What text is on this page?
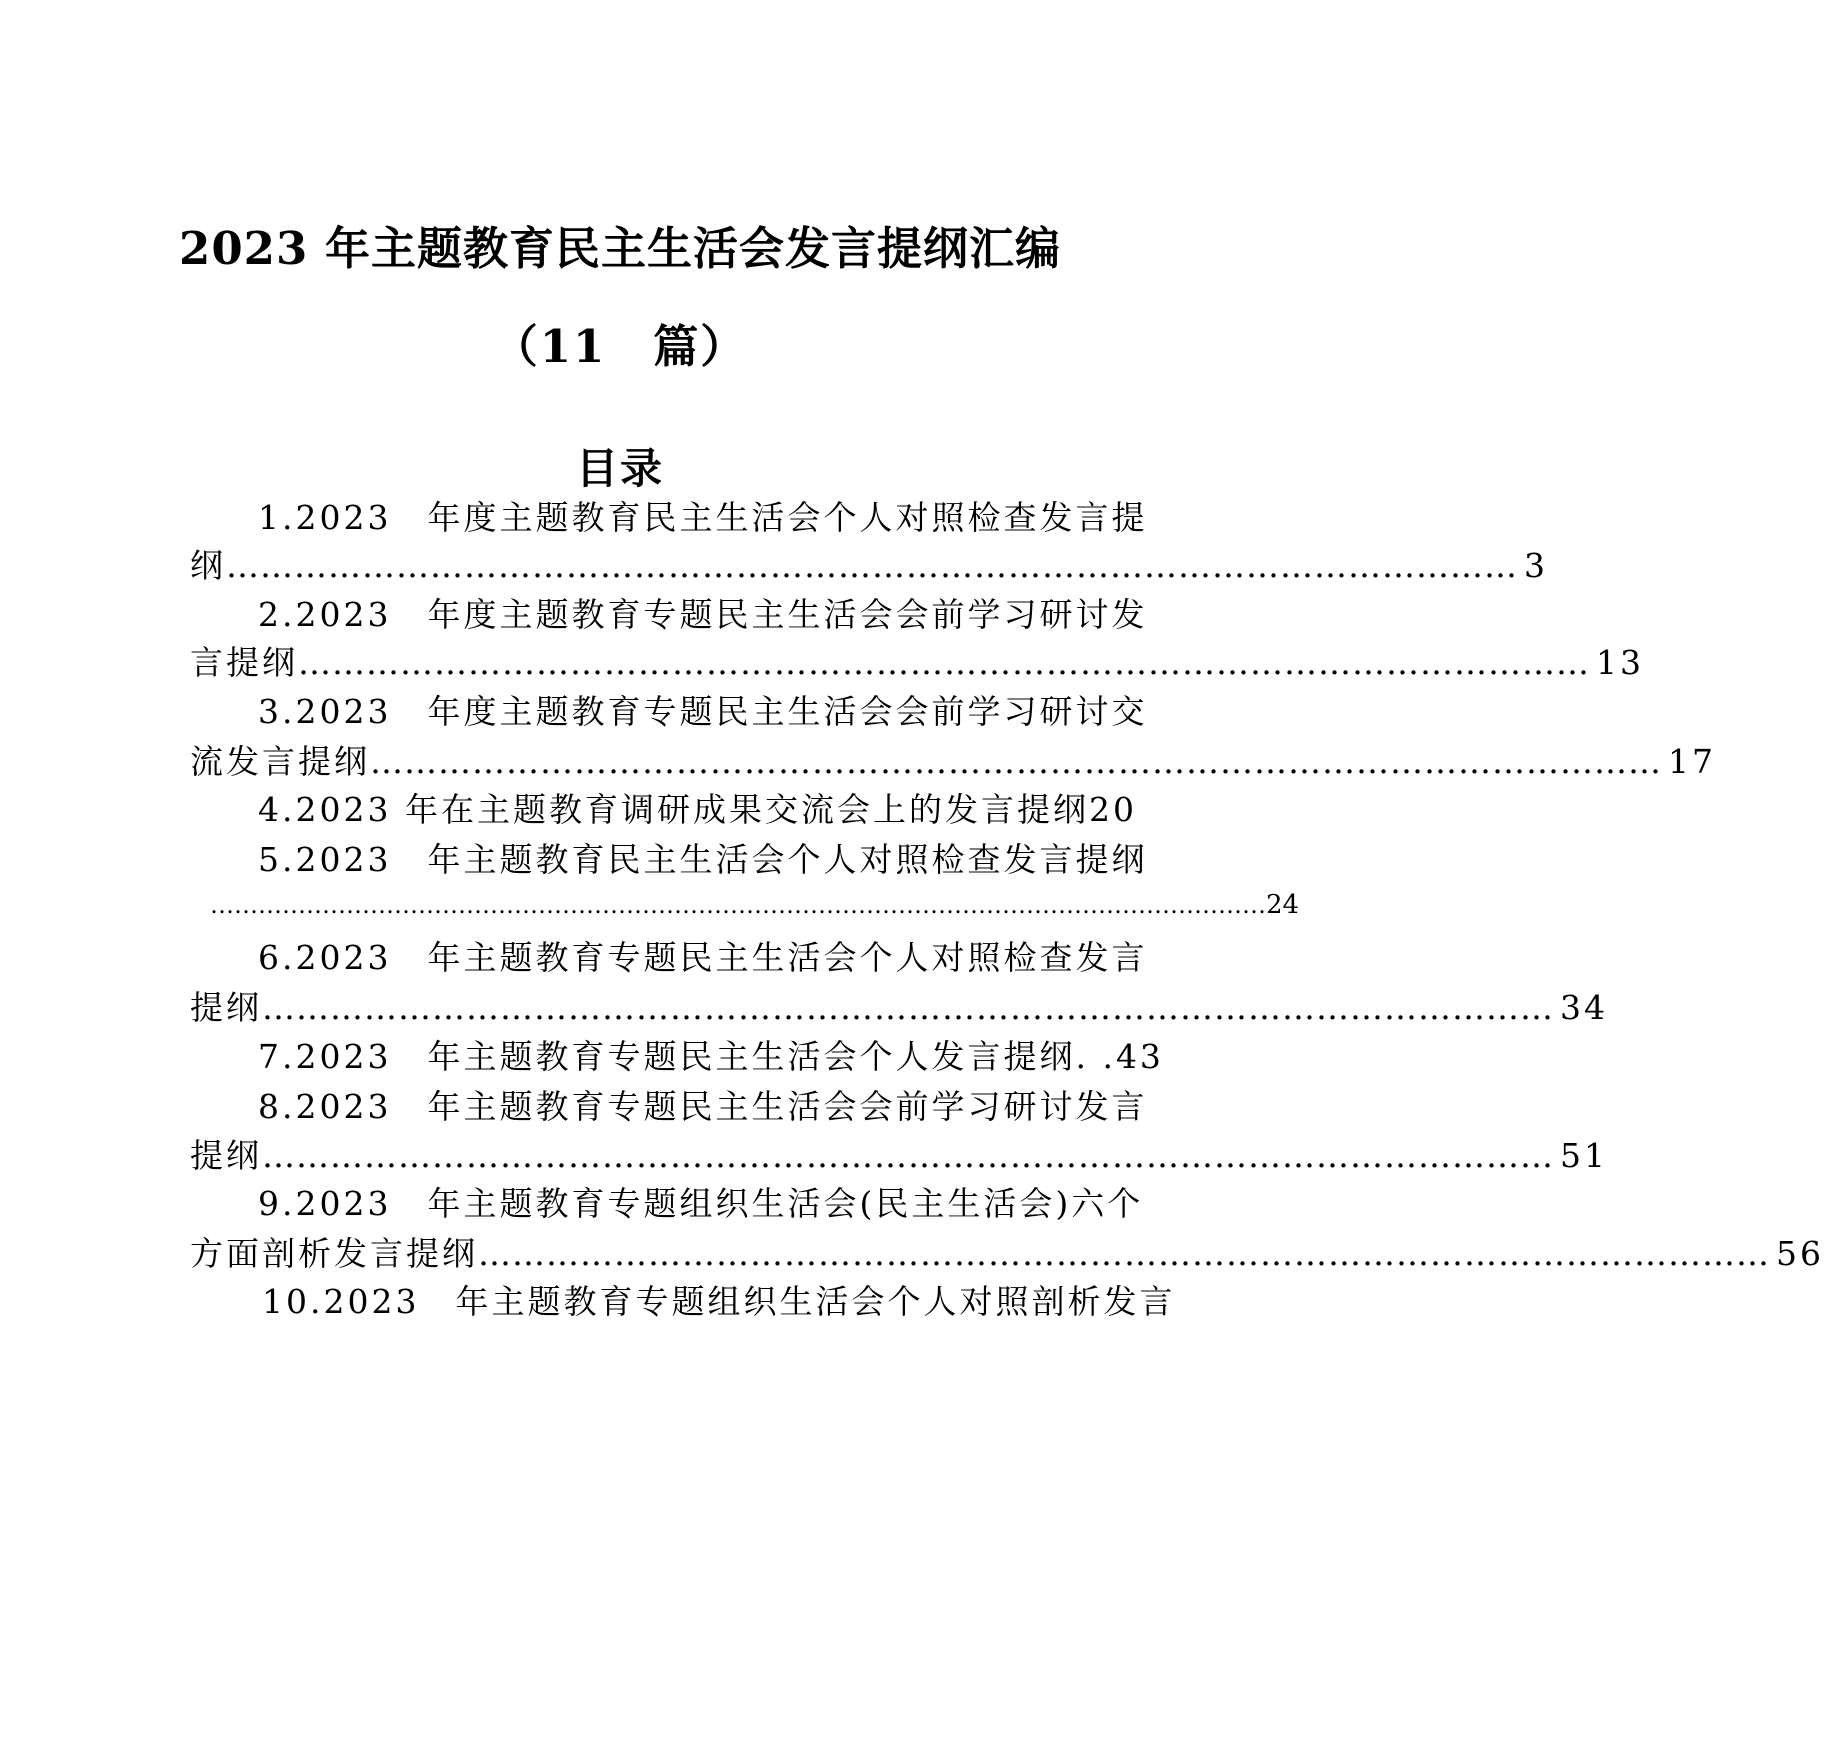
2023 年主题教育民主生活会发言提纲汇编
（11　篇）
目录
1.2023　年度主题教育民主生活会个人对照检查发言提
纲 …………………………………………………………………………………………………… 3
2.2023　年度主题教育专题民主生活会会前学习研讨发
言提纲 …………………………………………………………………………………………………… 13
3.2023　年度主题教育专题民主生活会会前学习研讨交
流发言提纲 …………………………………………………………………………………………………… 17
4.2023 年在主题教育调研成果交流会上的发言提纲 20
5.2023　年主题教育民主生活会个人对照检查发言提纲
…………………………………………………………………………………………………………………… 24
6.2023　年主题教育专题民主生活会个人对照检查发言
提纲 …………………………………………………………………………………………………… 34
7.2023　年主题教育专题民主生活会个人发言提纲. . 43
8.2023　年主题教育专题民主生活会会前学习研讨发言
提纲 …………………………………………………………………………………………………… 51
9.2023　年主题教育专题组织生活会(民主生活会)六个
方面剖析发言提纲 …………………………………………………………………………………………………… 56
10.2023　年主题教育专题组织生活会个人对照剖析发言
